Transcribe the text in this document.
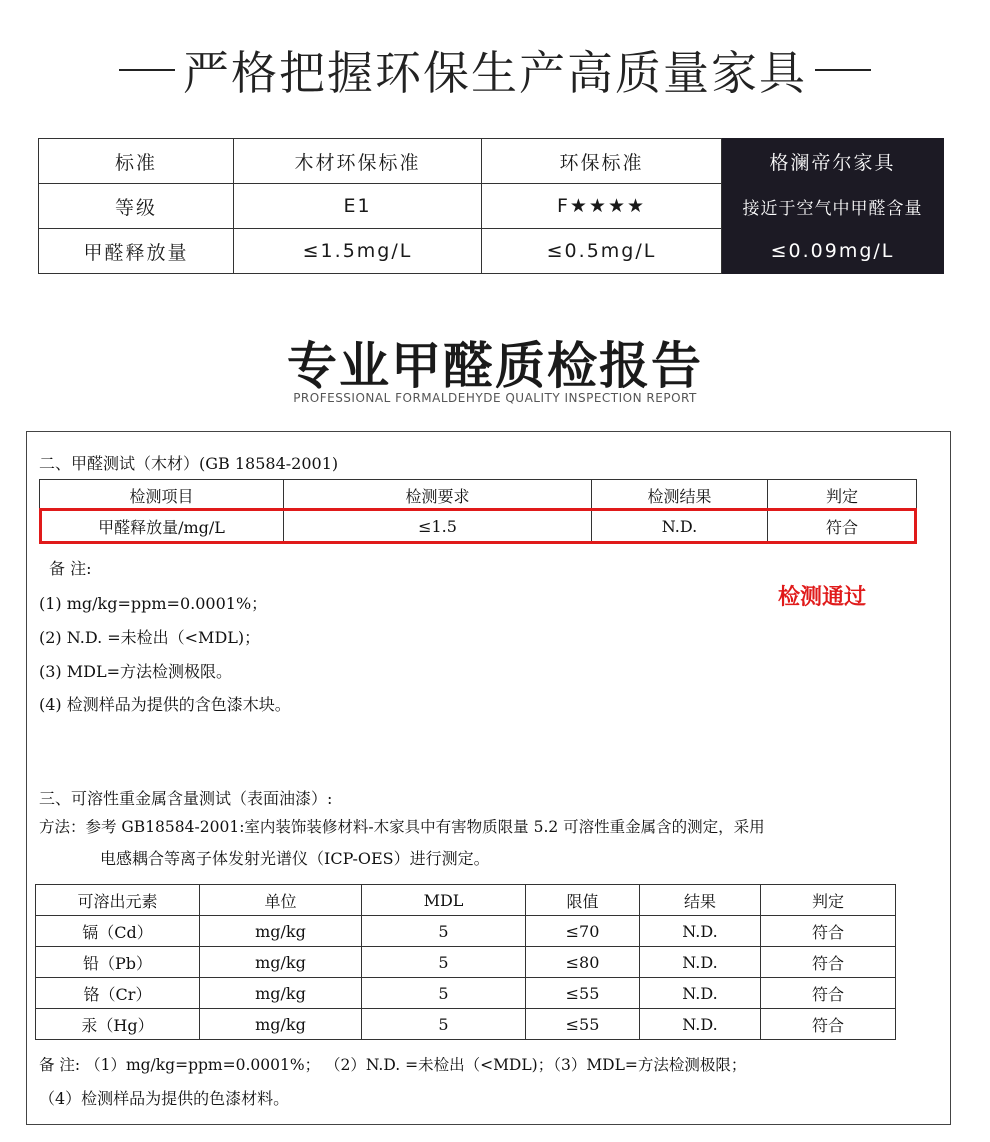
严格把握环保生产高质量家具
标准	木材环保标准	环保标准	格澜帝尔家具
等级	E1	F★★★★	接近于空气中甲醛含量
甲醛释放量	≤1.5mg/L	≤0.5mg/L	≤0.09mg/L
专业甲醛质检报告
PROFESSIONAL FORMALDEHYDE QUALITY INSPECTION REPORT
二、甲醛测试（木材）(GB 18584-2001)
检测项目	检测要求	检测结果	判定
甲醛释放量/mg/L	≤1.5	N.D.	符合
备 注:
(1) mg/kg=ppm=0.0001%；
(2) N.D. =未检出（<MDL)；
(3) MDL=方法检测极限。
(4) 检测样品为提供的含色漆木块。
检测通过
三、可溶性重金属含量测试（表面油漆）:
方法：参考 GB18584-2001:室内装饰装修材料-木家具中有害物质限量 5.2 可溶性重金属含的测定，采用
电感耦合等离子体发射光谱仪（ICP-OES）进行测定。
可溶出元素	单位	MDL	限值	结果	判定
镉（Cd）	mg/kg	5	≤70	N.D.	符合
铅（Pb）	mg/kg	5	≤80	N.D.	符合
铬（Cr）	mg/kg	5	≤55	N.D.	符合
汞（Hg）	mg/kg	5	≤55	N.D.	符合
备 注: （1）mg/kg=ppm=0.0001%； （2）N.D. =未检出（<MDL)；（3）MDL=方法检测极限；
（4）检测样品为提供的色漆材料。
